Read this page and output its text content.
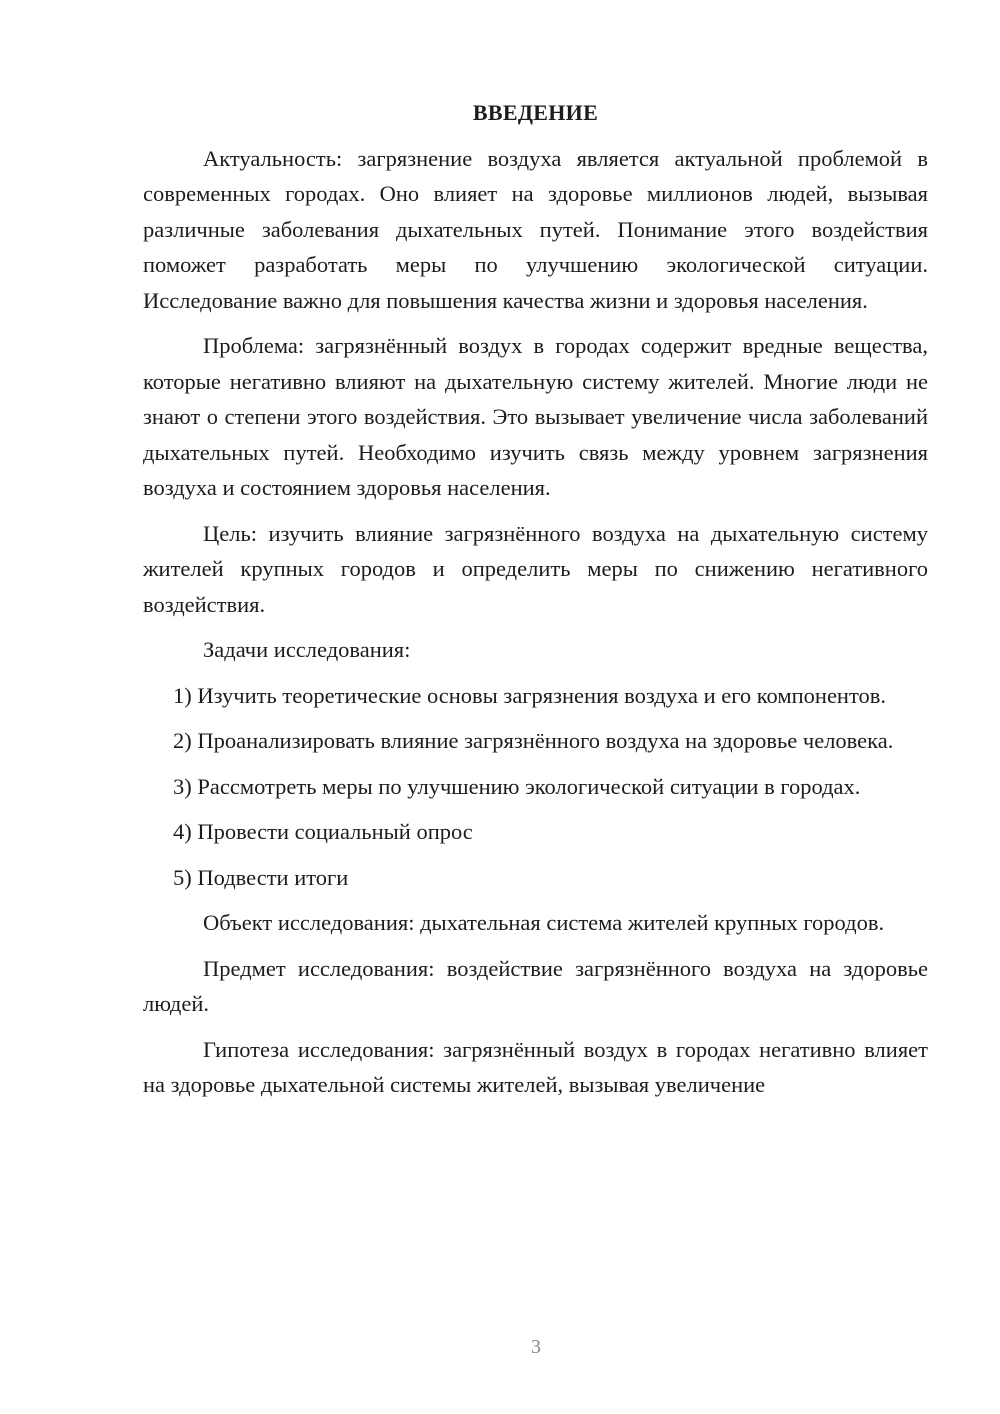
ВВЕДЕНИЕ

Актуальность: загрязнение воздуха является актуальной проблемой в современных городах. Оно влияет на здоровье миллионов людей, вызывая различные заболевания дыхательных путей. Понимание этого воздействия поможет разработать меры по улучшению экологической ситуации. Исследование важно для повышения качества жизни и здоровья населения.

Проблема: загрязнённый воздух в городах содержит вредные вещества, которые негативно влияют на дыхательную систему жителей. Многие люди не знают о степени этого воздействия. Это вызывает увеличение числа заболеваний дыхательных путей. Необходимо изучить связь между уровнем загрязнения воздуха и состоянием здоровья населения.

Цель: изучить влияние загрязнённого воздуха на дыхательную систему жителей крупных городов и определить меры по снижению негативного воздействия.

Задачи исследования:

1) Изучить теоретические основы загрязнения воздуха и его компонентов.

2) Проанализировать влияние загрязнённого воздуха на здоровье человека.

3) Рассмотреть меры по улучшению экологической ситуации в городах.

4) Провести социальный опрос

5) Подвести итоги

Объект исследования: дыхательная система жителей крупных городов.

Предмет исследования: воздействие загрязнённого воздуха на здоровье людей.

Гипотеза исследования: загрязнённый воздух в городах негативно влияет на здоровье дыхательной системы жителей, вызывая увеличение

3
